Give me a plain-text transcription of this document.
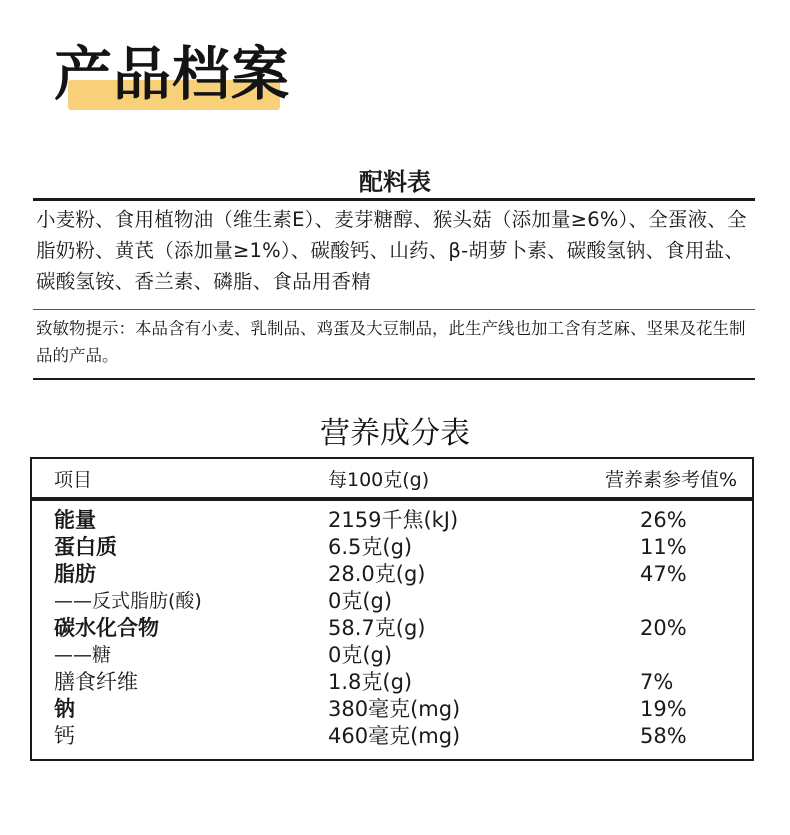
产品档案
配料表
小麦粉、食用植物油（维生素E）、麦芽糖醇、猴头菇（添加量≥6%）、全蛋液、全脂奶粉、黄芪（添加量≥1%）、碳酸钙、山药、β-胡萝卜素、碳酸氢钠、食用盐、碳酸氢铵、香兰素、磷脂、食品用香精
致敏物提示：本品含有小麦、乳制品、鸡蛋及大豆制品，此生产线也加工含有芝麻、坚果及花生制品的产品。
营养成分表
项目	每100克(g)	营养素参考值%
能量	2159千焦(kJ)	26%
蛋白质	6.5克(g)	11%
脂肪	28.0克(g)	47%
——反式脂肪(酸)	0克(g)
碳水化合物	58.7克(g)	20%
——糖	0克(g)
膳食纤维	1.8克(g)	7%
钠	380毫克(mg)	19%
钙	460毫克(mg)	58%
